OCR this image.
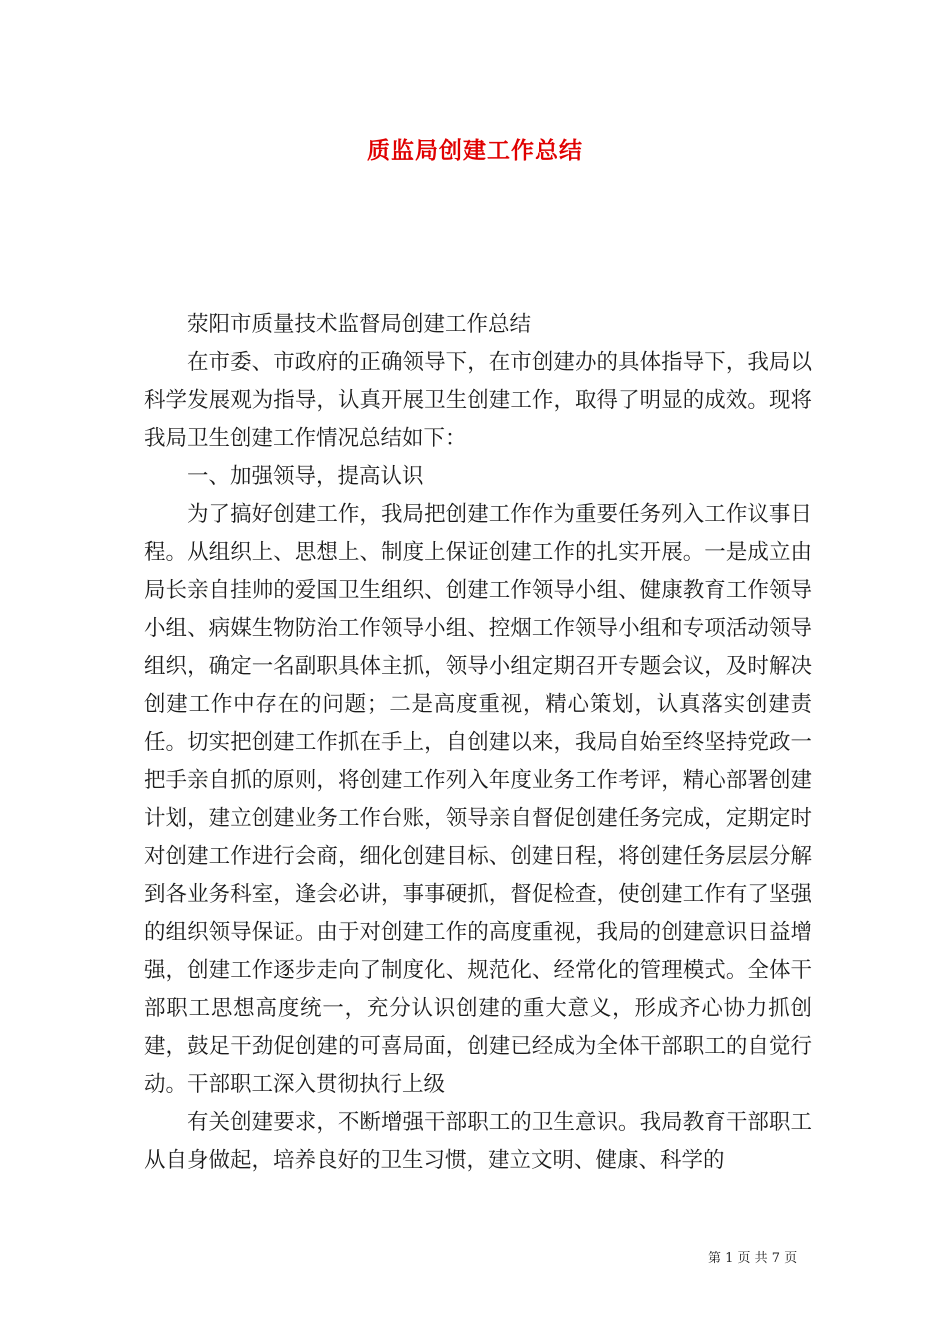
质监局创建工作总结

荥阳市质量技术监督局创建工作总结

在市委、市政府的正确领导下，在市创建办的具体指导下，我局以科学发展观为指导，认真开展卫生创建工作，取得了明显的成效。现将我局卫生创建工作情况总结如下：

一、加强领导，提高认识

为了搞好创建工作，我局把创建工作作为重要任务列入工作议事日程。从组织上、思想上、制度上保证创建工作的扎实开展。一是成立由局长亲自挂帅的爱国卫生组织、创建工作领导小组、健康教育工作领导小组、病媒生物防治工作领导小组、控烟工作领导小组和专项活动领导组织，确定一名副职具体主抓，领导小组定期召开专题会议，及时解决创建工作中存在的问题；二是高度重视，精心策划，认真落实创建责任。切实把创建工作抓在手上，自创建以来，我局自始至终坚持党政一把手亲自抓的原则，将创建工作列入年度业务工作考评，精心部署创建计划，建立创建业务工作台账，领导亲自督促创建任务完成，定期定时对创建工作进行会商，细化创建目标、创建日程，将创建任务层层分解到各业务科室，逢会必讲，事事硬抓，督促检查，使创建工作有了坚强的组织领导保证。由于对创建工作的高度重视，我局的创建意识日益增强，创建工作逐步走向了制度化、规范化、经常化的管理模式。全体干部职工思想高度统一，充分认识创建的重大意义，形成齐心协力抓创建，鼓足干劲促创建的可喜局面，创建已经成为全体干部职工的自觉行动。干部职工深入贯彻执行上级

有关创建要求，不断增强干部职工的卫生意识。我局教育干部职工从自身做起，培养良好的卫生习惯，建立文明、健康、科学的

第 1 页 共 7 页
